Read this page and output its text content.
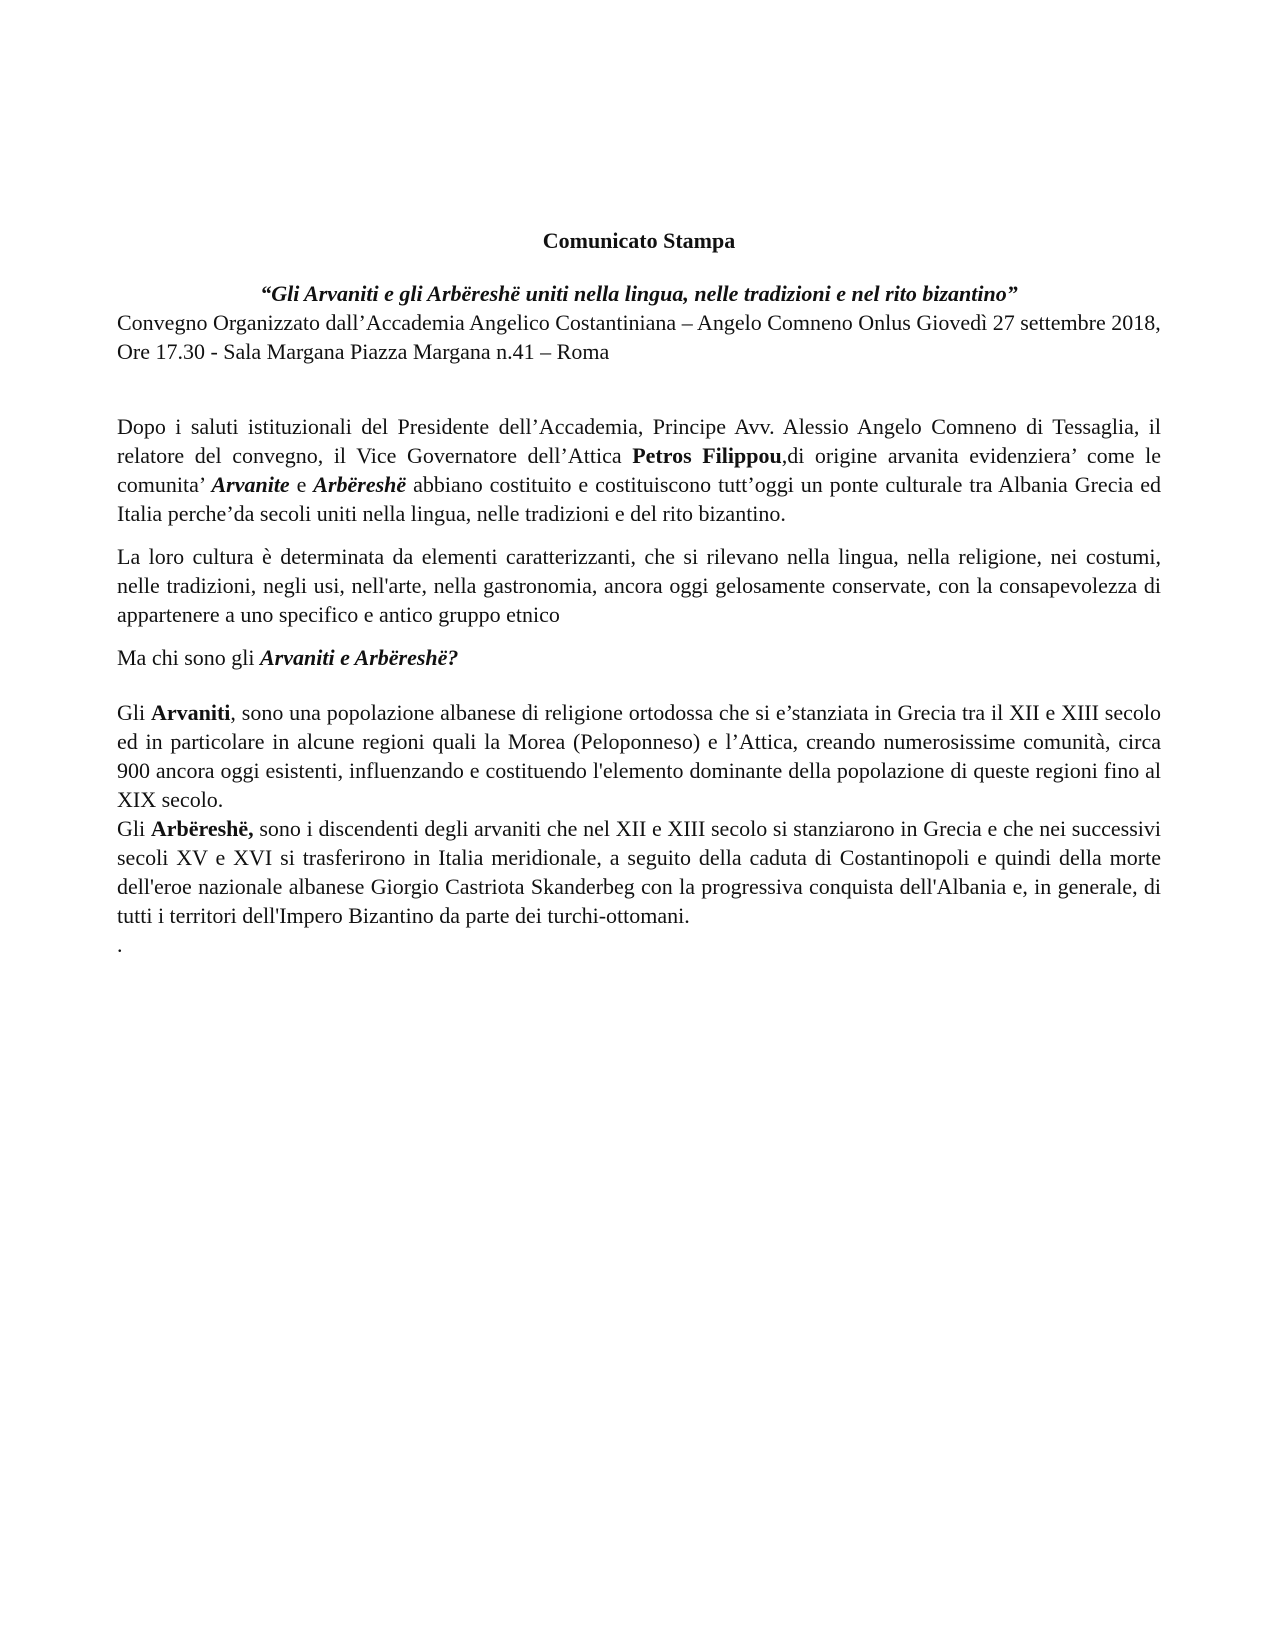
Comunicato Stampa

“Gli Arvaniti e gli Arbëreshë uniti nella lingua, nelle tradizioni e nel rito bizantino”

Convegno Organizzato dall’Accademia Angelico Costantiniana – Angelo Comneno Onlus Giovedì 27 settembre 2018, Ore 17.30 - Sala Margana Piazza Margana n.41 – Roma

Dopo i saluti istituzionali del Presidente dell’Accademia, Principe Avv. Alessio Angelo Comneno di Tessaglia, il relatore del convegno, il Vice Governatore dell’Attica Petros Filippou,di origine arvanita evidenziera’ come le comunita’ Arvanite e Arbëreshë abbiano costituito e costituiscono tutt’oggi un ponte culturale tra Albania Grecia ed Italia perche’da secoli uniti nella lingua, nelle tradizioni e del rito bizantino.

La loro cultura è determinata da elementi caratterizzanti, che si rilevano nella lingua, nella religione, nei costumi, nelle tradizioni, negli usi, nell'arte, nella gastronomia, ancora oggi gelosamente conservate, con la consapevolezza di appartenere a uno specifico e antico gruppo etnico

Ma chi sono gli Arvaniti e Arbëreshë?

Gli Arvaniti, sono una popolazione albanese di religione ortodossa che si e’stanziata in Grecia tra il XII e XIII secolo ed in particolare in alcune regioni quali la Morea (Peloponneso) e l’Attica, creando numerosissime comunità, circa 900 ancora oggi esistenti, influenzando e costituendo l'elemento dominante della popolazione di queste regioni fino al XIX secolo.

Gli Arbëreshë, sono i discendenti degli arvaniti che nel XII e XIII secolo si stanziarono in Grecia e che nei successivi secoli XV e XVI si trasferirono in Italia meridionale, a seguito della caduta di Costantinopoli e quindi della morte dell'eroe nazionale albanese Giorgio Castriota Skanderbeg con la progressiva conquista dell'Albania e, in generale, di tutti i territori dell'Impero Bizantino da parte dei turchi-ottomani.

.
